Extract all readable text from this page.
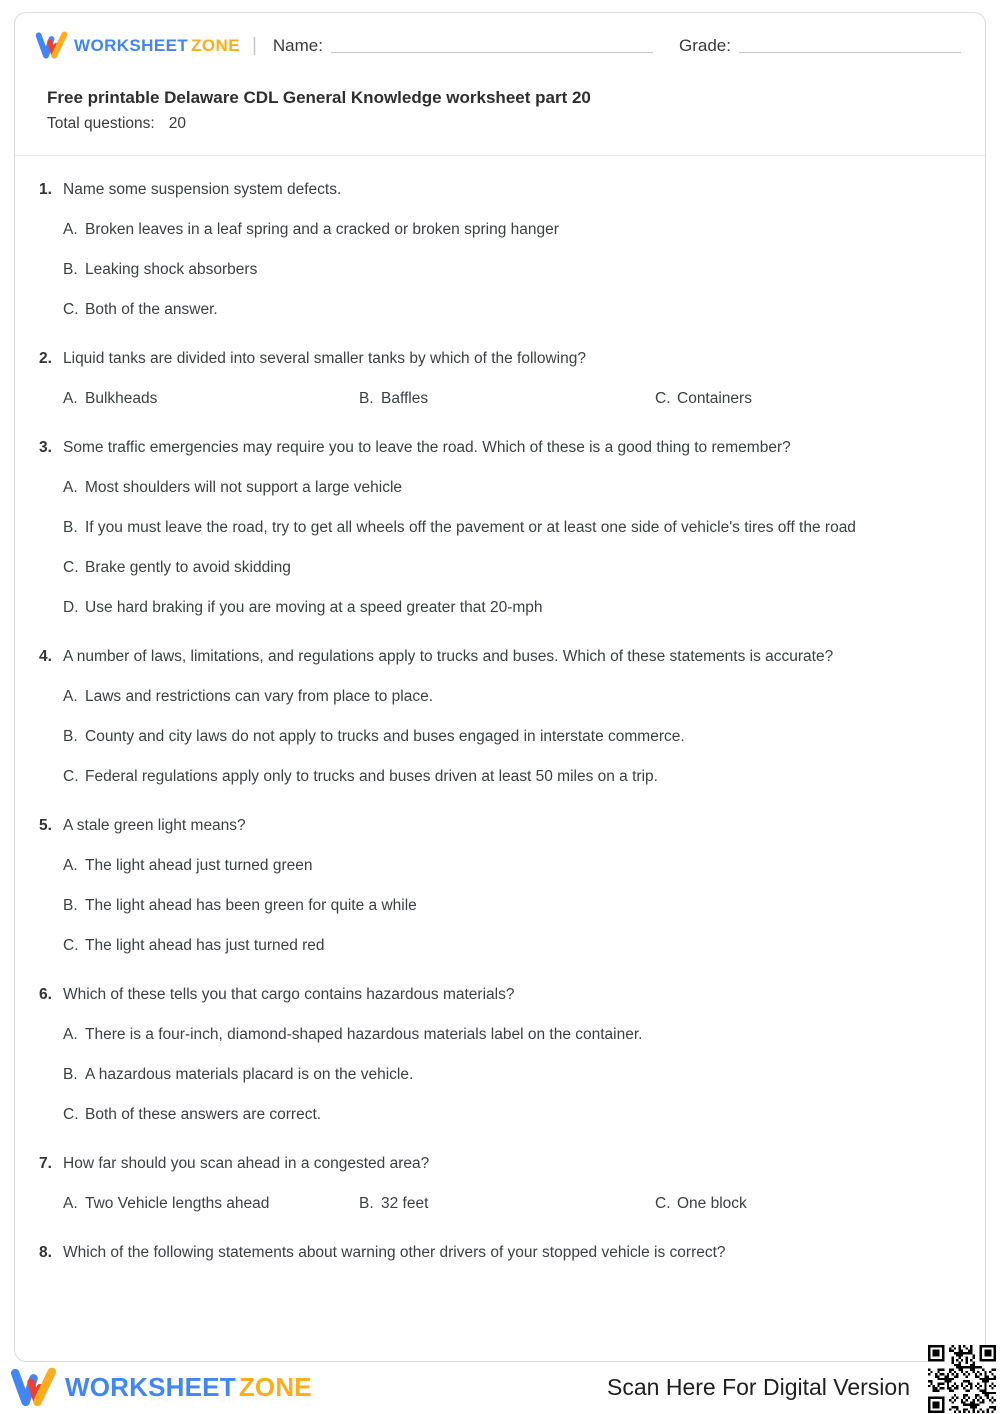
WORKSHEET ZONE | Name:	Grade:
Free printable Delaware CDL General Knowledge worksheet part 20
Total questions: 20
1. Name some suspension system defects.
A. Broken leaves in a leaf spring and a cracked or broken spring hanger
B. Leaking shock absorbers
C. Both of the answer.
2. Liquid tanks are divided into several smaller tanks by which of the following?
A. Bulkheads	B. Baffles	C. Containers
3. Some traffic emergencies may require you to leave the road. Which of these is a good thing to remember?
A. Most shoulders will not support a large vehicle
B. If you must leave the road, try to get all wheels off the pavement or at least one side of vehicle's tires off the road
C. Brake gently to avoid skidding
D. Use hard braking if you are moving at a speed greater that 20-mph
4. A number of laws, limitations, and regulations apply to trucks and buses. Which of these statements is accurate?
A. Laws and restrictions can vary from place to place.
B. County and city laws do not apply to trucks and buses engaged in interstate commerce.
C. Federal regulations apply only to trucks and buses driven at least 50 miles on a trip.
5. A stale green light means?
A. The light ahead just turned green
B. The light ahead has been green for quite a while
C. The light ahead has just turned red
6. Which of these tells you that cargo contains hazardous materials?
A. There is a four-inch, diamond-shaped hazardous materials label on the container.
B. A hazardous materials placard is on the vehicle.
C. Both of these answers are correct.
7. How far should you scan ahead in a congested area?
A. Two Vehicle lengths ahead	B. 32 feet	C. One block
8. Which of the following statements about warning other drivers of your stopped vehicle is correct?
WORKSHEET ZONE	Scan Here For Digital Version
